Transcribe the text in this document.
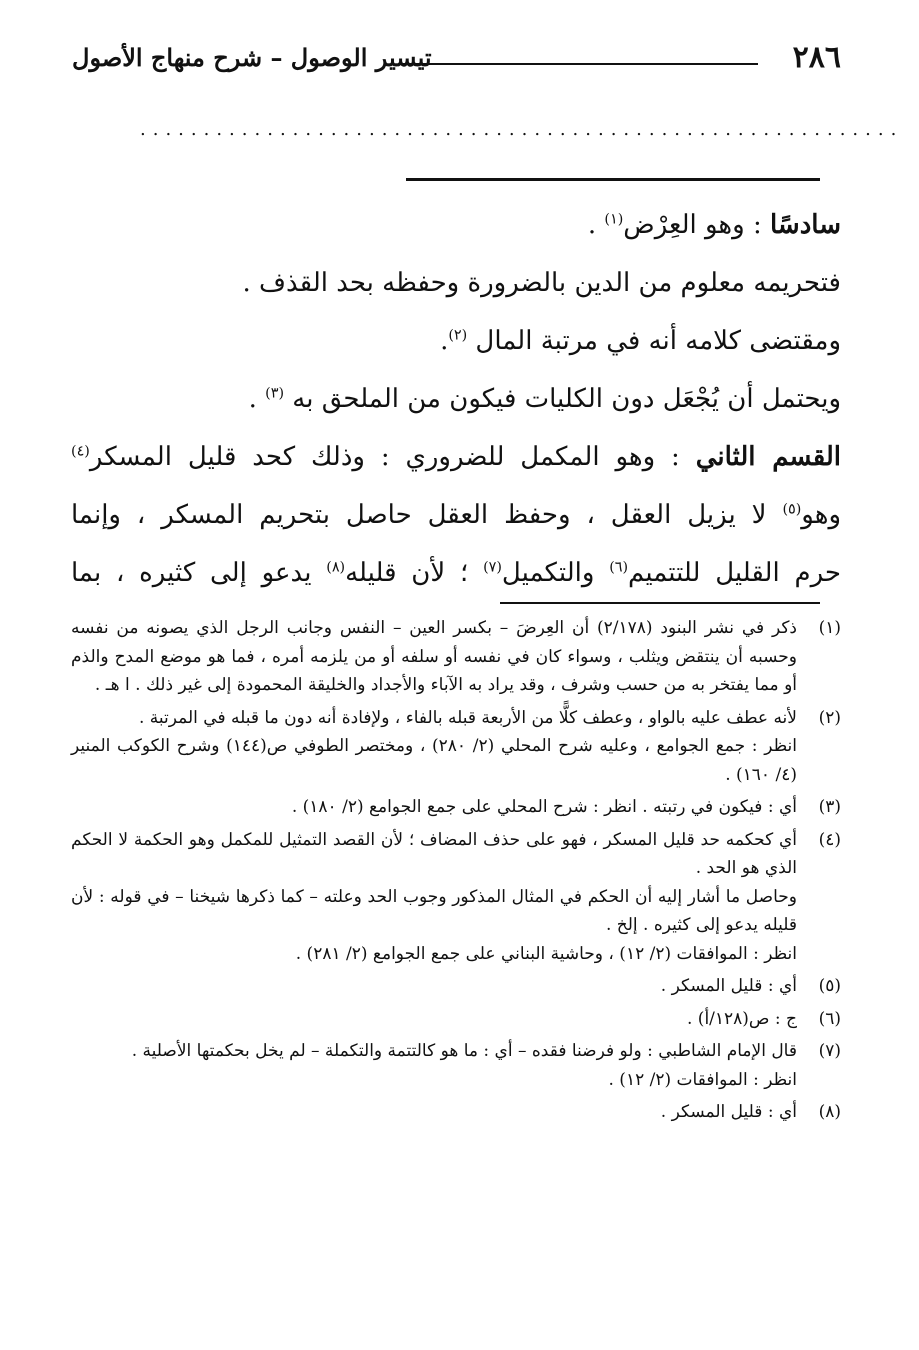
٢٨٦
تيسير الوصول – شرح منهاج الأصول
............................................................

سادسًا : وهو العِرْض$^{(١)}$ .

فتحريمه معلوم من الدين بالضرورة وحفظه بحد القذف .

ومقتضى كلامه أنه في مرتبة المال $^{(٢)}$.

ويحتمل أن يُجْعَل دون الكليات فيكون من الملحق به $^{(٣)}$ .

القسم الثاني : وهو المكمل للضروري : وذلك كحد قليل المسكر$^{(٤)}$

وهو$^{(٥)}$ لا يزيل العقل ، وحفظ العقل حاصل بتحريم المسكر ، وإنما

حرم القليل للتتميم$^{(٦)}$ والتكميل$^{(٧)}$ ؛ لأن قليله$^{(٨)}$ يدعو إلى كثيره ، بما

(١)

ذكر في نشر البنود (٢/١٧٨) أن العِرضَ – بكسر العين – النفس وجانب الرجل الذي يصونه من نفسه وحسبه أن ينتقض ويثلب ، وسواء كان في نفسه أو سلفه أو من يلزمه أمره ، فما هو موضع المدح والذم أو مما يفتخر به من حسب وشرف ، وقد يراد به الآباء والأجداد والخليقة المحمودة إلى غير ذلك . ا هـ .

(٢)

لأنه عطف عليه بالواو ، وعطف كلًّا من الأربعة قبله بالفاء ، ولإفادة أنه دون ما قبله في المرتبة .

انظر : جمع الجوامع ، وعليه شرح المحلي (٢/ ٢٨٠) ، ومختصر الطوفي ص(١٤٤) وشرح الكوكب المنير (٤/ ١٦٠) .

(٣)

أي : فيكون في رتبته . انظر : شرح المحلي على جمع الجوامع (٢/ ١٨٠) .

(٤)

أي كحكمه حد قليل المسكر ، فهو على حذف المضاف ؛ لأن القصد التمثيل للمكمل وهو الحكمة لا الحكم الذي هو الحد .

وحاصل ما أشار إليه أن الحكم في المثال المذكور وجوب الحد وعلته – كما ذكرها شيخنا – في قوله : لأن قليله يدعو إلى كثيره . إلخ .

انظر : الموافقات (٢/ ١٢) ، وحاشية البناني على جمع الجوامع (٢/ ٢٨١) .

(٥)

أي : قليل المسكر .

(٦)

ج : ص(١٢٨/أ) .

(٧)

قال الإمام الشاطبي : ولو فرضنا فقده – أي : ما هو كالتتمة والتكملة – لم يخل بحكمتها الأصلية .

انظر : الموافقات (٢/ ١٢) .

(٨)

أي : قليل المسكر .
